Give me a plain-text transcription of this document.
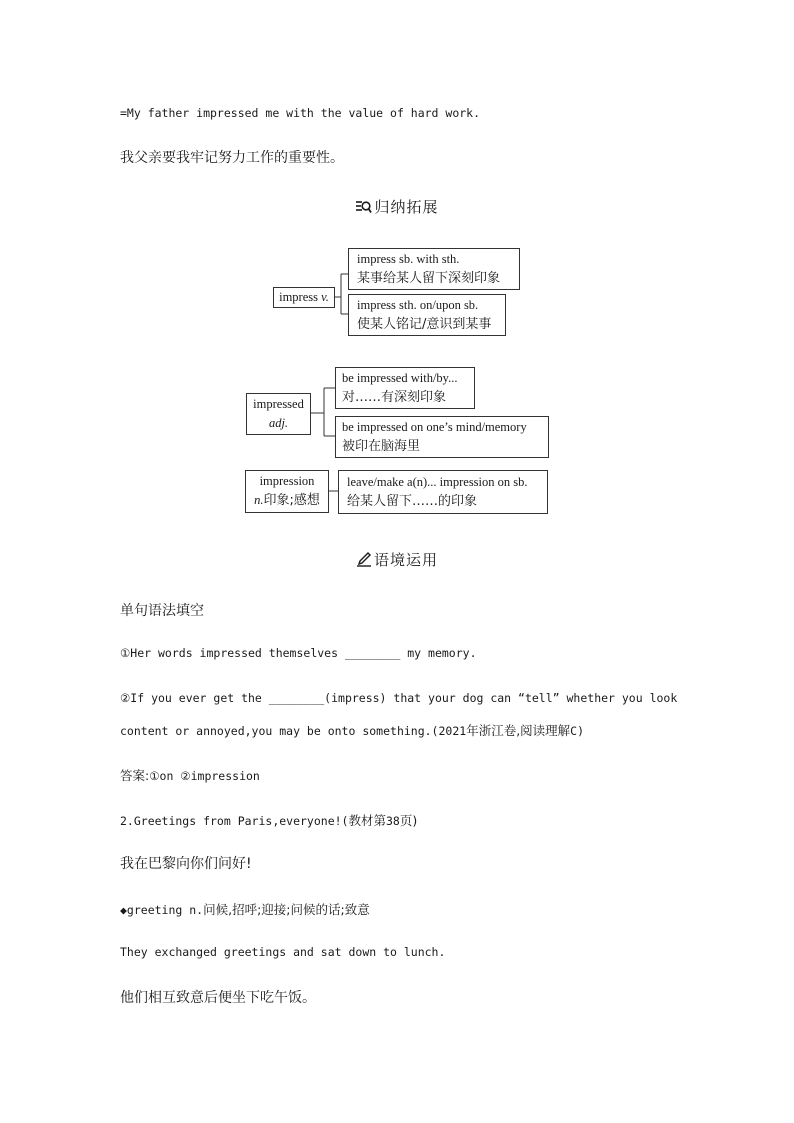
=My father impressed me with the value of hard work.
我父亲要我牢记努力工作的重要性。
归纳拓展
impress v.
impress sb. with sth.
某事给某人留下深刻印象
impress sth. on/upon sb.
使某人铭记/意识到某事
impressed
adj.
be impressed with/by...
对……有深刻印象
be impressed on one’s mind/memory
被印在脑海里
impression
n.印象;感想
leave/make a(n)... impression on sb.
给某人留下……的印象
语境运用
单句语法填空
①Her words impressed themselves ________ my memory.
②If you ever get the ________(impress) that your dog can “tell” whether you look
content or annoyed,you may be onto something.(2021年浙江卷,阅读理解C)
答案:①on ②impression
2.Greetings from Paris,everyone!(教材第38页)
我在巴黎向你们问好!
◆greeting n.问候,招呼;迎接;问候的话;致意
They exchanged greetings and sat down to lunch.
他们相互致意后便坐下吃午饭。
